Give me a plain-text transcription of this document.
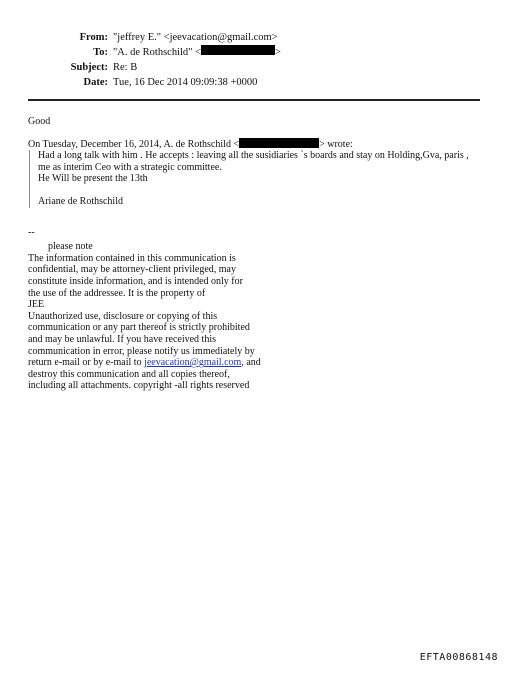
From: "jeffrey E." <jeevacation@gmail.com>
To: "A. de Rothschild" <	>
Subject: Re: B
Date: Tue, 16 Dec 2014 09:09:38 +0000

Good

On Tuesday, December 16, 2014, A. de Rothschild <	> wrote:

Had a long talk with him . He accepts : leaving all the susidiaries `s boards and stay on Holding,Gva, paris ,

me as interim Ceo with a strategic committee.

He Will be present the 13th

Ariane de Rothschild

--

please note

The information contained in this communication is

confidential, may be attorney-client privileged, may

constitute inside information, and is intended only for

the use of the addressee. It is the property of

JEE

Unauthorized use, disclosure or copying of this

communication or any part thereof is strictly prohibited

and may be unlawful. If you have received this

communication in error, please notify us immediately by

return e-mail or by e-mail to jeevacation@gmail.com, and

destroy this communication and all copies thereof,

including all attachments. copyright -all rights reserved

EFTA00868148
